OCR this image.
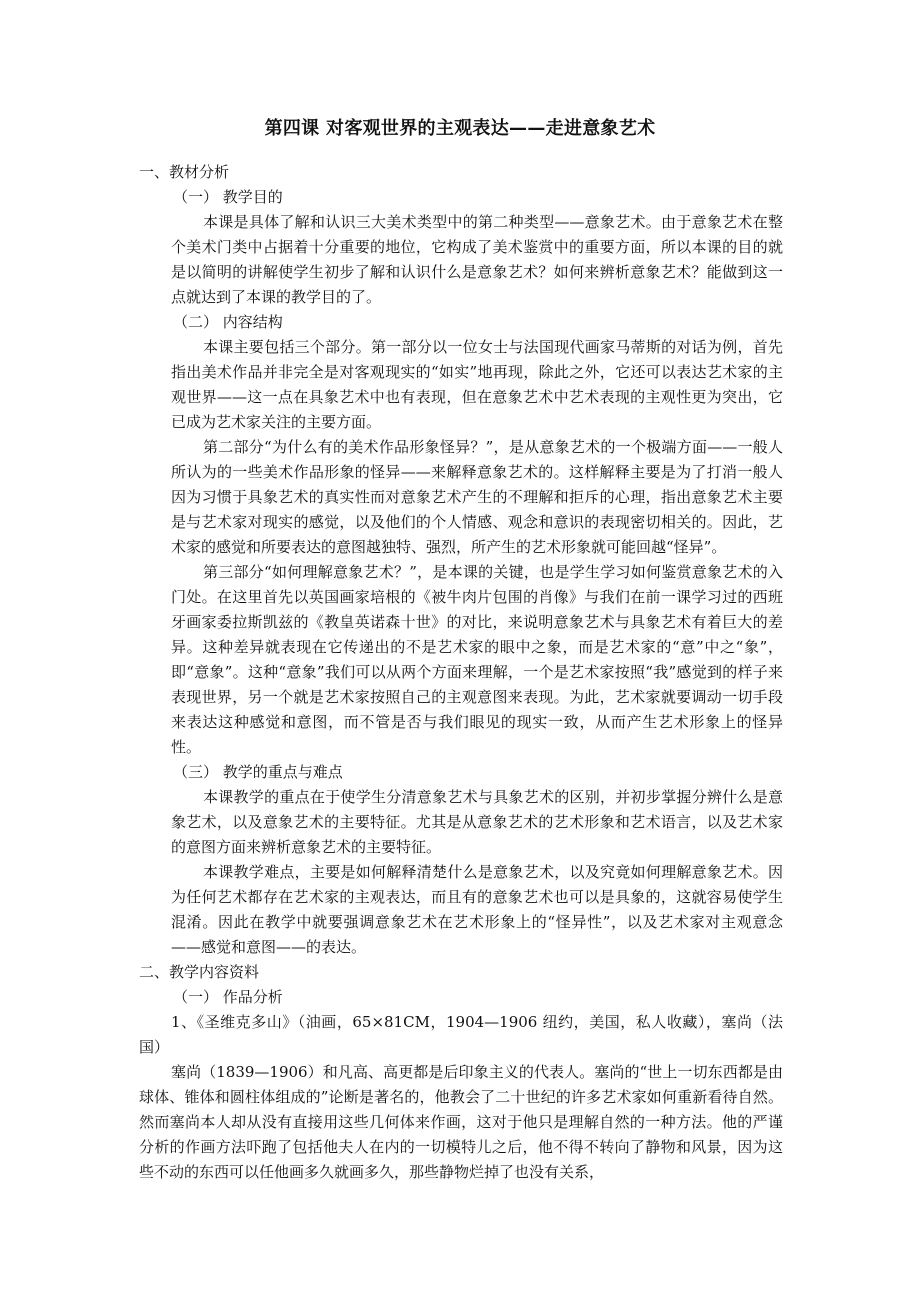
第四课 对客观世界的主观表达——走进意象艺术

一、教材分析

（一） 教学目的

本课是具体了解和认识三大美术类型中的第二种类型——意象艺术。由于意象艺术在整个美术门类中占据着十分重要的地位，它构成了美术鉴赏中的重要方面，所以本课的目的就是以简明的讲解使学生初步了解和认识什么是意象艺术？如何来辨析意象艺术？能做到这一点就达到了本课的教学目的了。

（二） 内容结构

本课主要包括三个部分。第一部分以一位女士与法国现代画家马蒂斯的对话为例，首先指出美术作品并非完全是对客观现实的“如实”地再现，除此之外，它还可以表达艺术家的主观世界——这一点在具象艺术中也有表现，但在意象艺术中艺术表现的主观性更为突出，它已成为艺术家关注的主要方面。

第二部分“为什么有的美术作品形象怪异？”，是从意象艺术的一个极端方面——一般人所认为的一些美术作品形象的怪异——来解释意象艺术的。这样解释主要是为了打消一般人因为习惯于具象艺术的真实性而对意象艺术产生的不理解和拒斥的心理，指出意象艺术主要是与艺术家对现实的感觉，以及他们的个人情感、观念和意识的表现密切相关的。因此，艺术家的感觉和所要表达的意图越独特、强烈，所产生的艺术形象就可能回越“怪异”。

第三部分“如何理解意象艺术？”，是本课的关键，也是学生学习如何鉴赏意象艺术的入门处。在这里首先以英国画家培根的《被牛肉片包围的肖像》与我们在前一课学习过的西班牙画家委拉斯凯兹的《教皇英诺森十世》的对比，来说明意象艺术与具象艺术有着巨大的差异。这种差异就表现在它传递出的不是艺术家的眼中之象，而是艺术家的“意”中之“象”，即“意象”。这种“意象”我们可以从两个方面来理解，一个是艺术家按照“我”感觉到的样子来表现世界，另一个就是艺术家按照自己的主观意图来表现。为此，艺术家就要调动一切手段来表达这种感觉和意图，而不管是否与我们眼见的现实一致，从而产生艺术形象上的怪异性。

（三） 教学的重点与难点

本课教学的重点在于使学生分清意象艺术与具象艺术的区别，并初步掌握分辨什么是意象艺术，以及意象艺术的主要特征。尤其是从意象艺术的艺术形象和艺术语言，以及艺术家的意图方面来辨析意象艺术的主要特征。

本课教学难点，主要是如何解释清楚什么是意象艺术，以及究竟如何理解意象艺术。因为任何艺术都存在艺术家的主观表达，而且有的意象艺术也可以是具象的，这就容易使学生混淆。因此在教学中就要强调意象艺术在艺术形象上的“怪异性”，以及艺术家对主观意念——感觉和意图——的表达。

二、教学内容资料

（一） 作品分析

1、《圣维克多山》（油画，65×81CM，1904—1906 纽约，美国，私人收藏），塞尚（法国）

塞尚（1839—1906）和凡高、高更都是后印象主义的代表人。塞尚的“世上一切东西都是由球体、锥体和圆柱体组成的”论断是著名的，他教会了二十世纪的许多艺术家如何重新看待自然。然而塞尚本人却从没有直接用这些几何体来作画，这对于他只是理解自然的一种方法。他的严谨分析的作画方法吓跑了包括他夫人在内的一切模特儿之后，他不得不转向了静物和风景，因为这些不动的东西可以任他画多久就画多久，那些静物烂掉了也没有关系，
